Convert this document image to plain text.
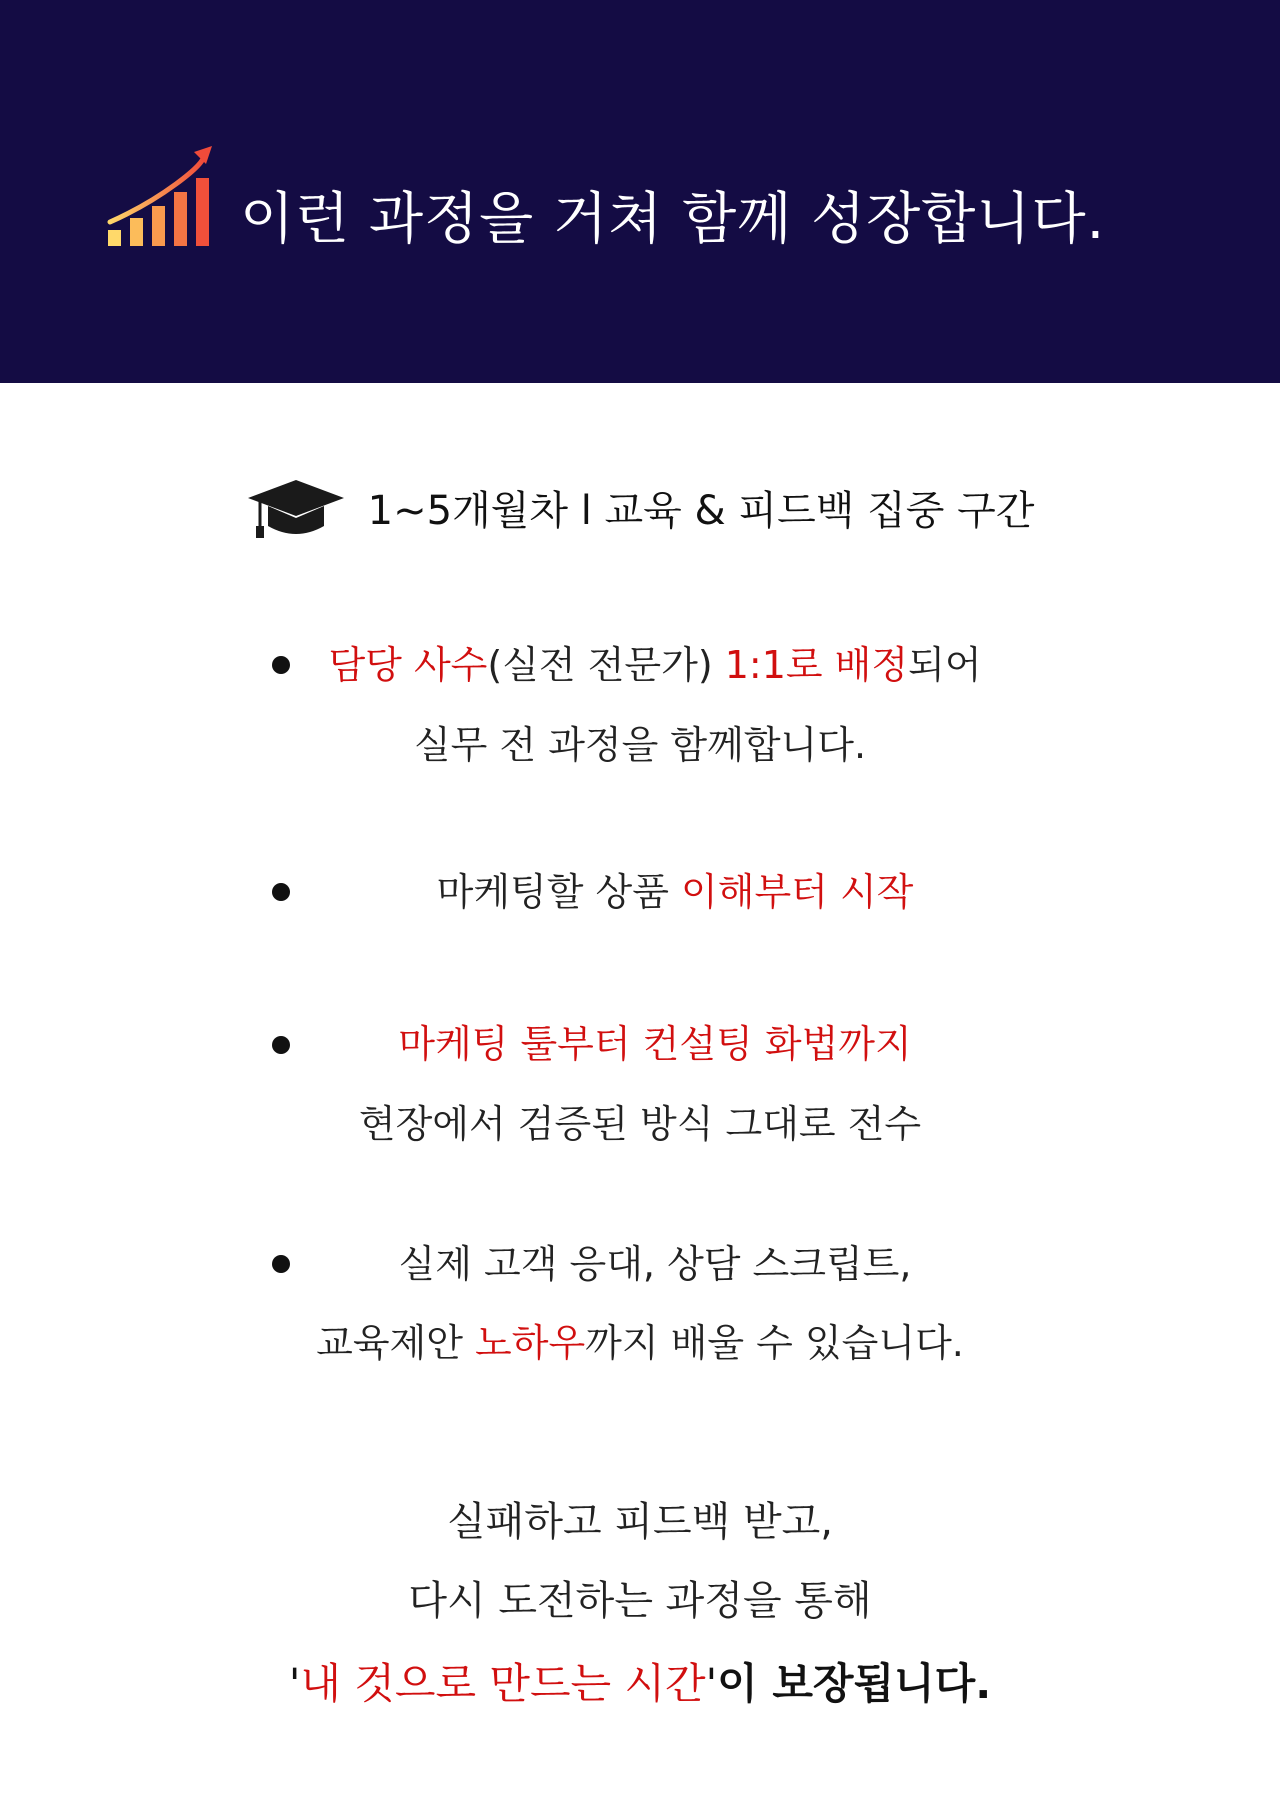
이런 과정을 거쳐 함께 성장합니다.
1~5개월차 l 교육 & 피드백 집중 구간
담당 사수(실전 전문가) 1:1로 배정되어
실무 전 과정을 함께합니다.
마케팅할 상품 이해부터 시작
마케팅 툴부터 컨설팅 화법까지
현장에서 검증된 방식 그대로 전수
실제 고객 응대, 상담 스크립트,
교육제안 노하우까지 배울 수 있습니다.
실패하고 피드백 받고,
다시 도전하는 과정을 통해
'내 것으로 만드는 시간'이 보장됩니다.
